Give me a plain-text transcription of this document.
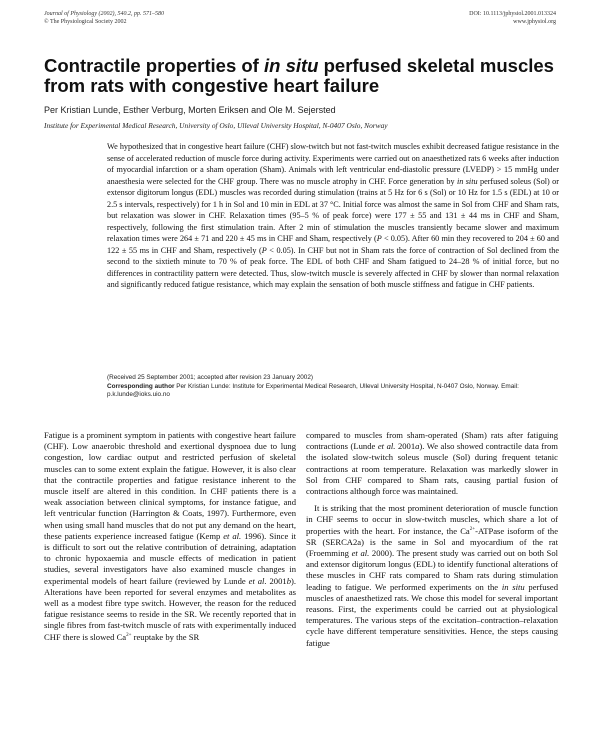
Journal of Physiology (2002), 540.2, pp. 571–580
© The Physiological Society 2002
DOI: 10.1113/jphysiol.2001.013324
www.jphysiol.org
Contractile properties of in situ perfused skeletal muscles from rats with congestive heart failure
Per Kristian Lunde, Esther Verburg, Morten Eriksen and Ole M. Sejersted
Institute for Experimental Medical Research, University of Oslo, Ulleval University Hospital, N-0407 Oslo, Norway

We hypothesized that in congestive heart failure (CHF) slow-twitch but not fast-twitch muscles exhibit decreased fatigue resistance in the sense of accelerated reduction of muscle force during activity. Experiments were carried out on anaesthetized rats 6 weeks after induction of myocardial infarction or a sham operation (Sham). Animals with left ventricular end-diastolic pressure (LVEDP) > 15 mmHg under anaesthesia were selected for the CHF group. There was no muscle atrophy in CHF. Force generation by in situ perfused soleus (Sol) or extensor digitorum longus (EDL) muscles was recorded during stimulation (trains at 5 Hz for 6 s (Sol) or 10 Hz for 1.5 s (EDL) at 10 or 2.5 s intervals, respectively) for 1 h in Sol and 10 min in EDL at 37 °C. Initial force was almost the same in Sol from CHF and Sham rats, but relaxation was slower in CHF. Relaxation times (95–5 % of peak force) were 177 ± 55 and 131 ± 44 ms in CHF and Sham, respectively, following the first stimulation train. After 2 min of stimulation the muscles transiently became slower and maximum relaxation times were 264 ± 71 and 220 ± 45 ms in CHF and Sham, respectively (P < 0.05). After 60 min they recovered to 204 ± 60 and 122 ± 55 ms in CHF and Sham, respectively (P < 0.05). In CHF but not in Sham rats the force of contraction of Sol declined from the second to the sixtieth minute to 70 % of peak force. The EDL of both CHF and Sham fatigued to 24–28 % of initial force, but no differences in contractility pattern were detected. Thus, slow-twitch muscle is severely affected in CHF by slower than normal relaxation and significantly reduced fatigue resistance, which may explain the sensation of both muscle stiffness and fatigue in CHF patients.

(Received 25 September 2001; accepted after revision 23 January 2002)

Corresponding author Per Kristian Lunde: Institute for Experimental Medical Research, Ulleval University Hospital, N-0407 Oslo, Norway. Email: p.k.lunde@ioks.uio.no

Fatigue is a prominent symptom in patients with congestive heart failure (CHF). Low anaerobic threshold and exertional dyspnoea due to lung congestion, low cardiac output and restricted perfusion of skeletal muscles can to some extent explain the fatigue. However, it is also clear that the contractile properties and fatigue resistance inherent to the muscle itself are altered in this condition. In CHF patients there is a weak association between clinical symptoms, for instance fatigue, and left ventricular function (Harrington & Coats, 1997). Furthermore, even when using small hand muscles that do not put any demand on the heart, these patients experience increased fatigue (Kemp et al. 1996). Since it is difficult to sort out the relative contribution of detraining, adaptation to chronic hypoxaemia and muscle effects of medication in patient studies, several investigators have also examined muscle changes in experimental models of heart failure (reviewed by Lunde et al. 2001b). Alterations have been reported for several enzymes and metabolites as well as a modest fibre type switch. However, the reason for the reduced fatigue resistance seems to reside in the SR. We recently reported that in single fibres from fast-twitch muscle of rats with experimentally induced CHF there is slowed $Ca^{2+}$ reuptake by the SR

compared to muscles from sham-operated (Sham) rats after fatiguing contractions (Lunde et al. 2001a). We also showed contractile data from the isolated slow-twitch soleus muscle (Sol) during frequent tetanic contractions at room temperature. Relaxation was markedly slower in Sol from CHF compared to Sham rats, causing partial fusion of contractions although force was maintained.

It is striking that the most prominent deterioration of muscle function in CHF seems to occur in slow-twitch muscles, which share a lot of properties with the heart. For instance, the $Ca^{2+}$-ATPase isoform of the SR (SERCA2a) is the same in Sol and myocardium of the rat (Froemming et al. 2000). The present study was carried out on both Sol and extensor digitorum longus (EDL) to identify functional alterations of these muscles in CHF rats compared to Sham rats during stimulation leading to fatigue. We performed experiments on the in situ perfused muscles of anaesthetized rats. We chose this model for several important reasons. First, the experiments could be carried out at physiological temperatures. The various steps of the excitation–contraction–relaxation cycle have different temperature sensitivities. Hence, the steps causing fatigue
